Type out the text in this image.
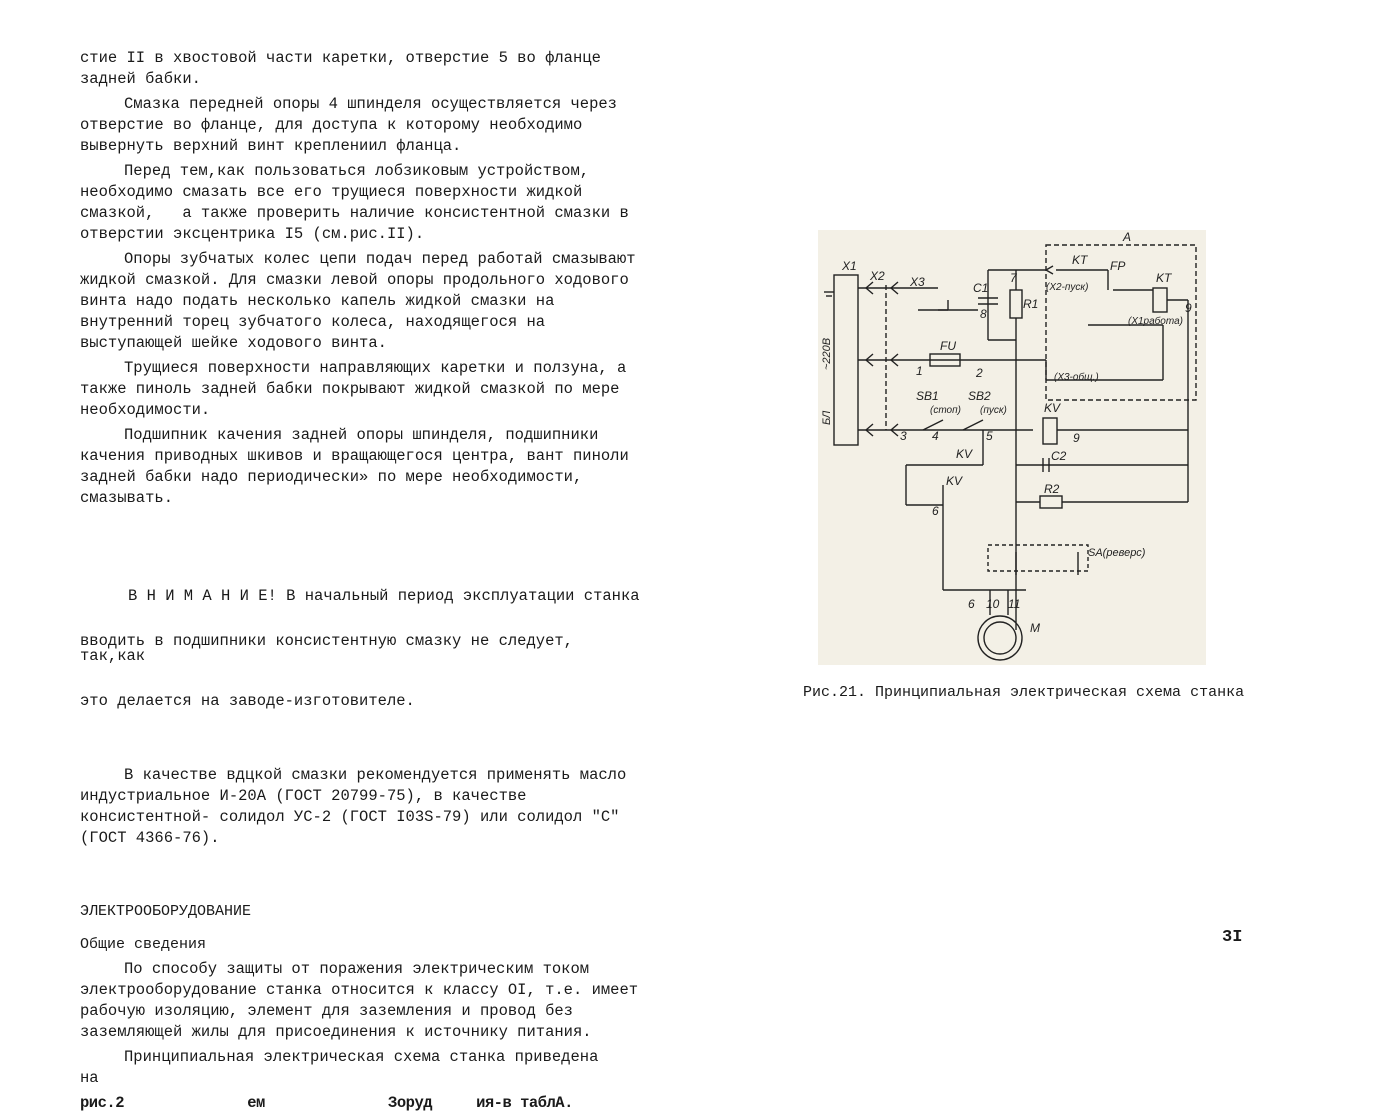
стие II в хвостовой части каретки, отверстие 5 во фланце задней бабки.

Смазка передней опоры 4 шпинделя осуществляется через отверстие во фланце, для доступа к которому необходимо вывернуть верхний винт креплениил фланца.

Перед тем,как пользоваться лобзиковым устройством, необходимо смазать все его трущиеся поверхности жидкой смазкой,   а также проверить наличие консистентной смазки в отверстии эксцентрика I5 (см.рис.II).

Опоры зубчатых колес цепи подач перед работай смазывают жидкой смазкой. Для смазки левой опоры продольного ходового винта надо подать несколько капель жидкой смазки на внутренний торец зубчатого колеса, находящегося на выступающей шейке ходового винта.

Трущиеся поверхности направляющих каретки и ползуна, а также пиноль задней бабки покрывают жидкой смазкой по мере необходимости.

Подшипник качения задней опоры шпинделя, подшипники качения приводных шкивов и вращающегося центра, вант пиноли задней бабки надо периодически» по мере необходимости, смазывать.

В Н И М А Н И Е! В начальный период эксплуатации станка

вводить в подшипники консистентную смазку не следует, так,как

это делается на заводе-изготовителе.

В качестве вдцкой смазки рекомендуется применять масло индустриальное И-20А (ГОСТ 20799-75), в качестве консистентной- солидол УС-2 (ГОСТ I03S-79) или солидол "С" (ГОСТ 4366-76).

ЭЛЕКТРООБОРУДОВАНИЕ
Общие сведения

По способу защиты от поражения электрическим током электрооборудование станка относится к классу OI, т.е. имеет рабочую изоляцию, элемент для заземления и провод без заземляющей жилы для присоединения к источнику питания.

Принципиальная электрическая схема станка приведена    на

рис.2              ем              Зоруд     ия-в таблА.

A
X1
X2 X3	C1
R1
7
8
KT FP
KT
(X2-пуск)
(X1работа)
9
~220В
БЛ
FU
1	2	(X3-общ.)
SB1
(стоп)
SB2
(пуск)	KV
3 4	5	9
KV
KV
C2
R2
6
SA(реверс)
6 10 11
M
Рис.21. Принципиальная электрическая схема станка
3I
